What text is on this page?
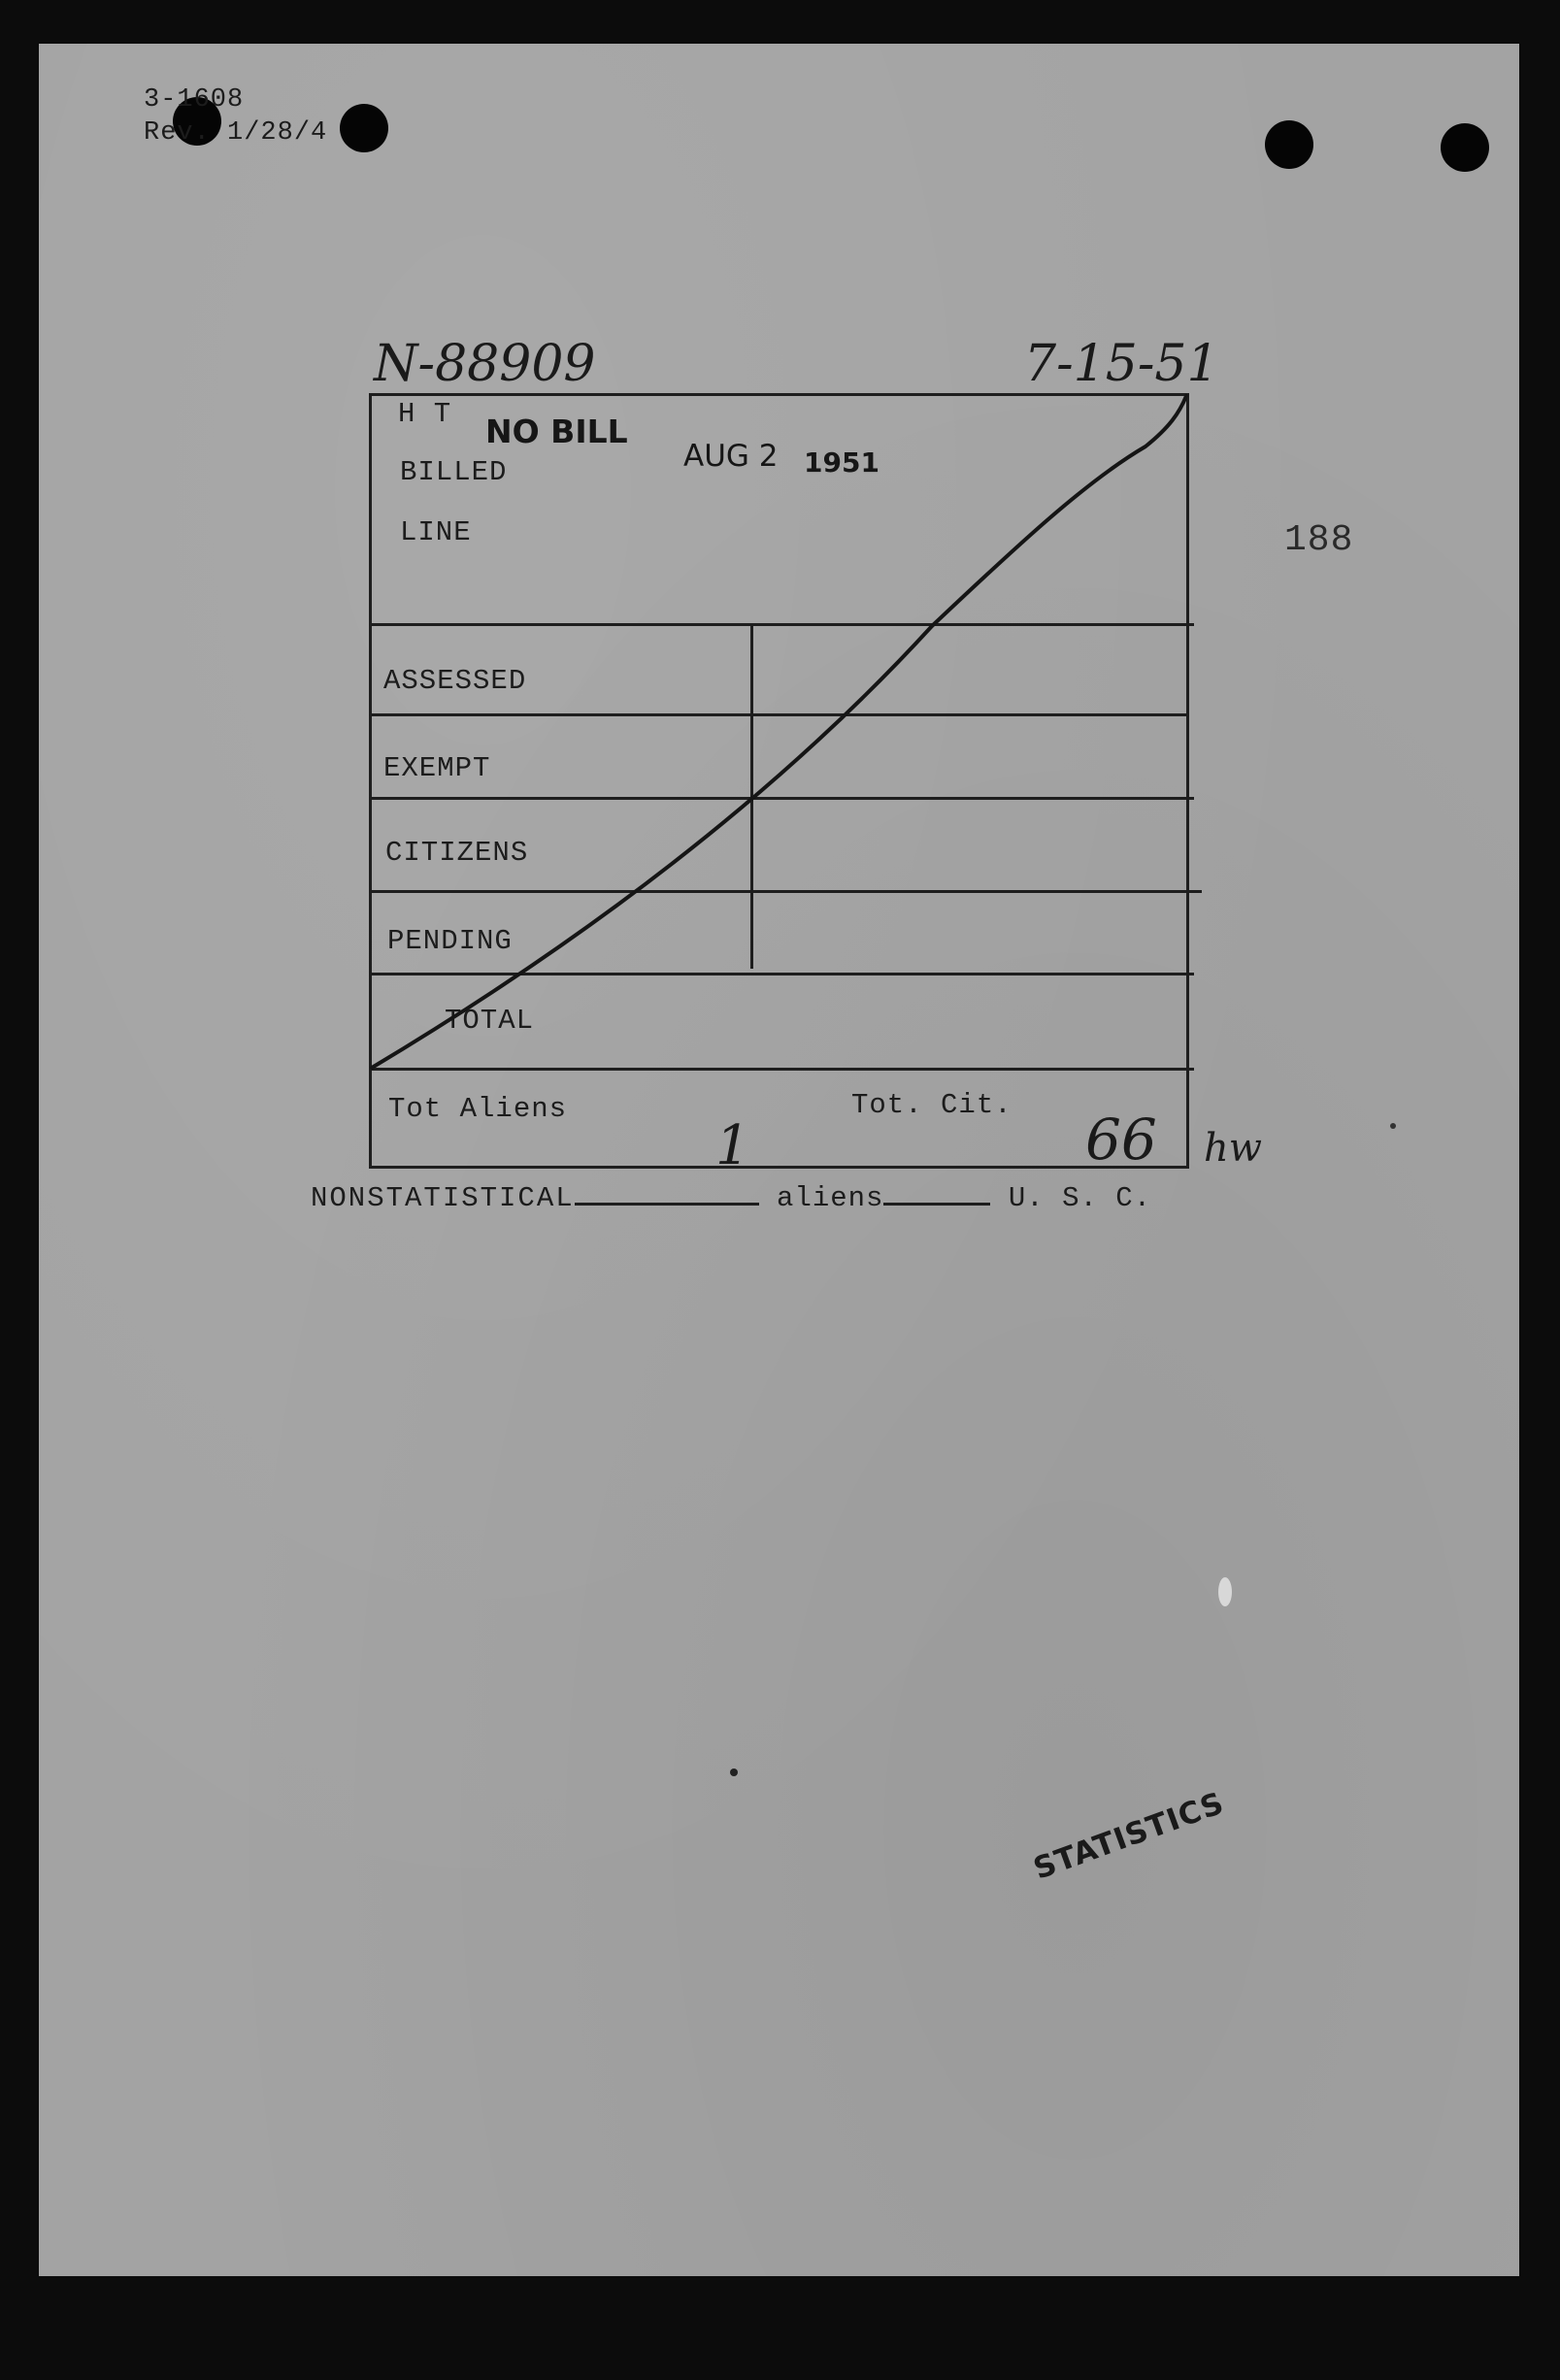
3-1608
Rev. 1/28/4
N-88909	7-15-51
188
H T NO BILL
BILLED	AUG 2 1951
LINE
ASSESSED
EXEMPT
CITIZENS
PENDING
TOTAL
Tot Aliens	Tot. Cit.
1	66 hw
NONSTATISTICAL	aliens	U. S. C.
STATISTICS
